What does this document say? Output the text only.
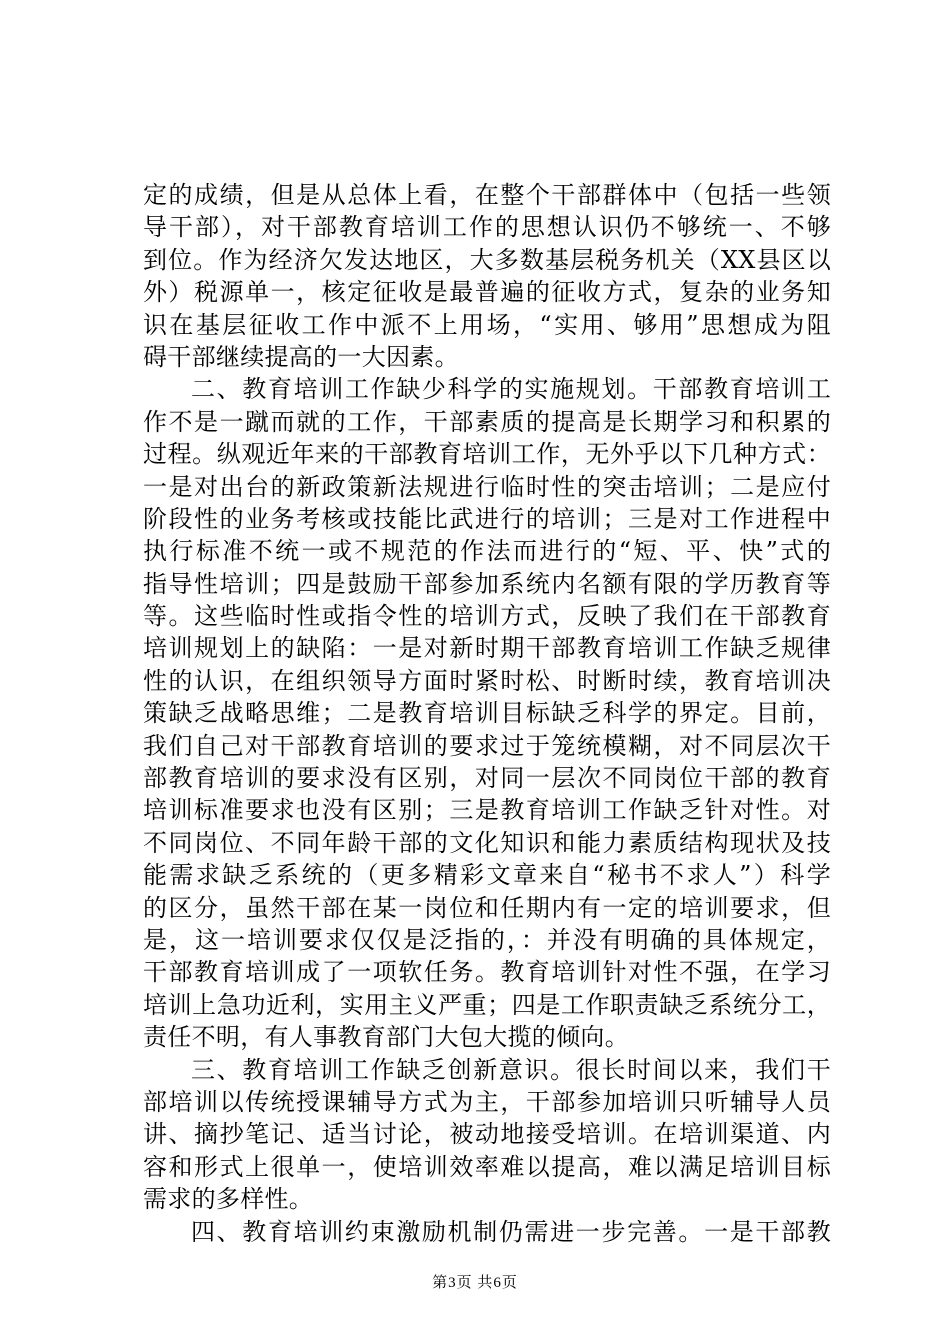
定的成绩，但是从总体上看，在整个干部群体中（包括一些领
导干部），对干部教育培训工作的思想认识仍不够统一、不够
到位。作为经济欠发达地区，大多数基层税务机关（XX县区以
外）税源单一，核定征收是最普遍的征收方式，复杂的业务知
识在基层征收工作中派不上用场，“实用、够用”思想成为阻
碍干部继续提高的一大因素。
二、教育培训工作缺少科学的实施规划。干部教育培训工
作不是一蹴而就的工作，干部素质的提高是长期学习和积累的
过程。纵观近年来的干部教育培训工作，无外乎以下几种方式：
一是对出台的新政策新法规进行临时性的突击培训；二是应付
阶段性的业务考核或技能比武进行的培训；三是对工作进程中
执行标准不统一或不规范的作法而进行的“短、平、快”式的
指导性培训；四是鼓励干部参加系统内名额有限的学历教育等
等。这些临时性或指令性的培训方式，反映了我们在干部教育
培训规划上的缺陷：一是对新时期干部教育培训工作缺乏规律
性的认识，在组织领导方面时紧时松、时断时续，教育培训决
策缺乏战略思维；二是教育培训目标缺乏科学的界定。目前，
我们自己对干部教育培训的要求过于笼统模糊，对不同层次干
部教育培训的要求没有区别，对同一层次不同岗位干部的教育
培训标准要求也没有区别；三是教育培训工作缺乏针对性。对
不同岗位、不同年龄干部的文化知识和能力素质结构现状及技
能需求缺乏系统的（更多精彩文章来自“秘书不求人”）科学
的区分，虽然干部在某一岗位和任期内有一定的培训要求，但
是，这一培训要求仅仅是泛指的，：并没有明确的具体规定，
干部教育培训成了一项软任务。教育培训针对性不强，在学习
培训上急功近利，实用主义严重；四是工作职责缺乏系统分工，
责任不明，有人事教育部门大包大揽的倾向。
三、教育培训工作缺乏创新意识。很长时间以来，我们干
部培训以传统授课辅导方式为主，干部参加培训只听辅导人员
讲、摘抄笔记、适当讨论，被动地接受培训。在培训渠道、内
容和形式上很单一，使培训效率难以提高，难以满足培训目标
需求的多样性。
四、教育培训约束激励机制仍需进一步完善。一是干部教
第3页 共6页
